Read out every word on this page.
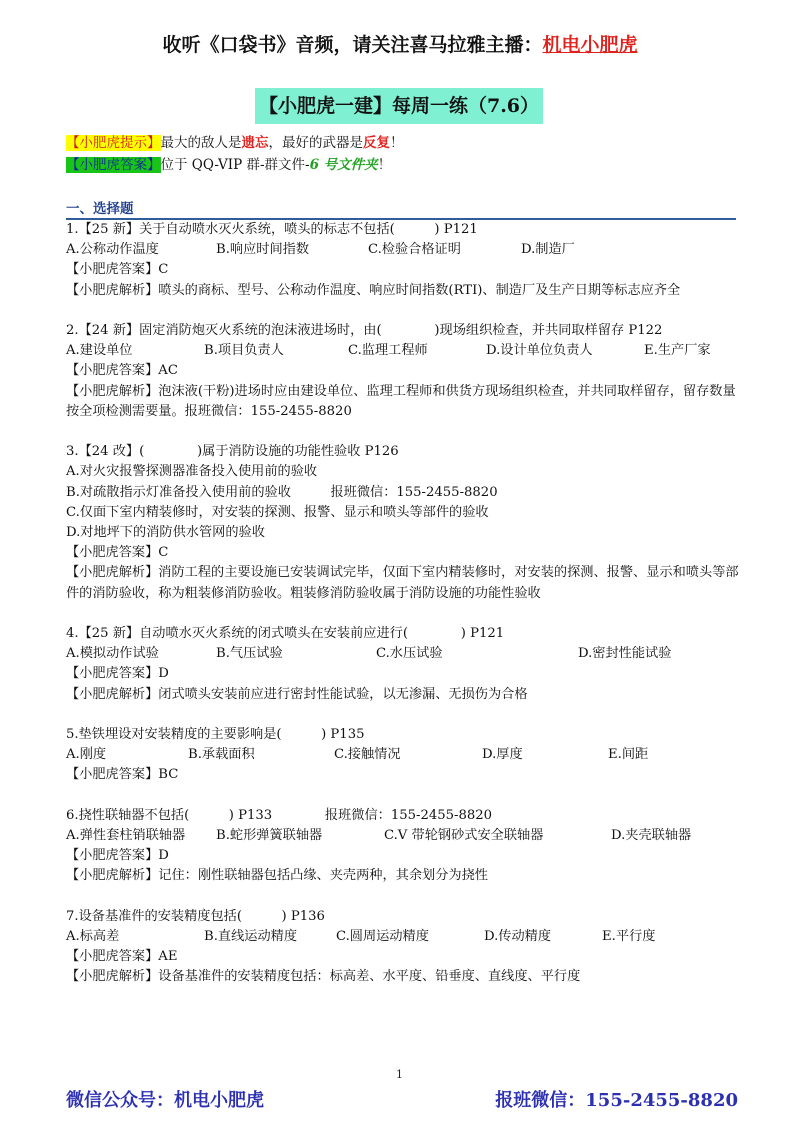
收听《口袋书》音频，请关注喜马拉雅主播：机电小肥虎
【小肥虎一建】每周一练（7.6）
【小肥虎提示】最大的敌人是遗忘，最好的武器是反复！
【小肥虎答案】位于 QQ-VIP 群-群文件-6 号文件夹！
一、选择题
1.【25 新】关于自动喷水灭火系统，喷头的标志不包括(　　　) P121
A.公称动作温度	B.响应时间指数	C.检验合格证明	D.制造厂
【小肥虎答案】C
【小肥虎解析】喷头的商标、型号、公称动作温度、响应时间指数(RTI)、制造厂及生产日期等标志应齐全
2.【24 新】固定消防炮灭火系统的泡沫液进场时，由(　　　　)现场组织检查，并共同取样留存 P122
A.建设单位	B.项目负责人	C.监理工程师	D.设计单位负责人	E.生产厂家
【小肥虎答案】AC
【小肥虎解析】泡沫液(干粉)进场时应由建设单位、监理工程师和供货方现场组织检查，并共同取样留存，留存数量按全项检测需要量。报班微信：155-2455-8820
3.【24 改】(　　　　)属于消防设施的功能性验收 P126
A.对火灾报警探测器准备投入使用前的验收
B.对疏散指示灯准备投入使用前的验收　　　报班微信：155-2455-8820
C.仅面下室内精装修时，对安装的探测、报警、显示和喷头等部件的验收
D.对地坪下的消防供水管网的验收
【小肥虎答案】C
【小肥虎解析】消防工程的主要设施已安装调试完毕，仅面下室内精装修时，对安装的探测、报警、显示和喷头等部件的消防验收，称为粗装修消防验收。粗装修消防验收属于消防设施的功能性验收
4.【25 新】自动喷水灭火系统的闭式喷头在安装前应进行(　　　　) P121
A.模拟动作试验	B.气压试验	C.水压试验	D.密封性能试验
【小肥虎答案】D
【小肥虎解析】闭式喷头安装前应进行密封性能试验，以无渗漏、无损伤为合格
5.垫铁埋设对安装精度的主要影响是(　　　) P135
A.刚度	B.承载面积	C.接触情况	D.厚度	E.间距
【小肥虎答案】BC
6.挠性联轴器不包括(　　　) P133　　　　报班微信：155-2455-8820
A.弹性套柱销联轴器 B.蛇形弹簧联轴器	C.V 带轮钢砂式安全联轴器	D.夹壳联轴器
【小肥虎答案】D
【小肥虎解析】记住：刚性联轴器包括凸缘、夹壳两种，其余划分为挠性
7.设备基准件的安装精度包括(　　　) P136
A.标高差	B.直线运动精度	C.圆周运动精度	D.传动精度	E.平行度
【小肥虎答案】AE
【小肥虎解析】设备基准件的安装精度包括：标高差、水平度、铅垂度、直线度、平行度
1
微信公众号：机电小肥虎	报班微信：155-2455-8820
